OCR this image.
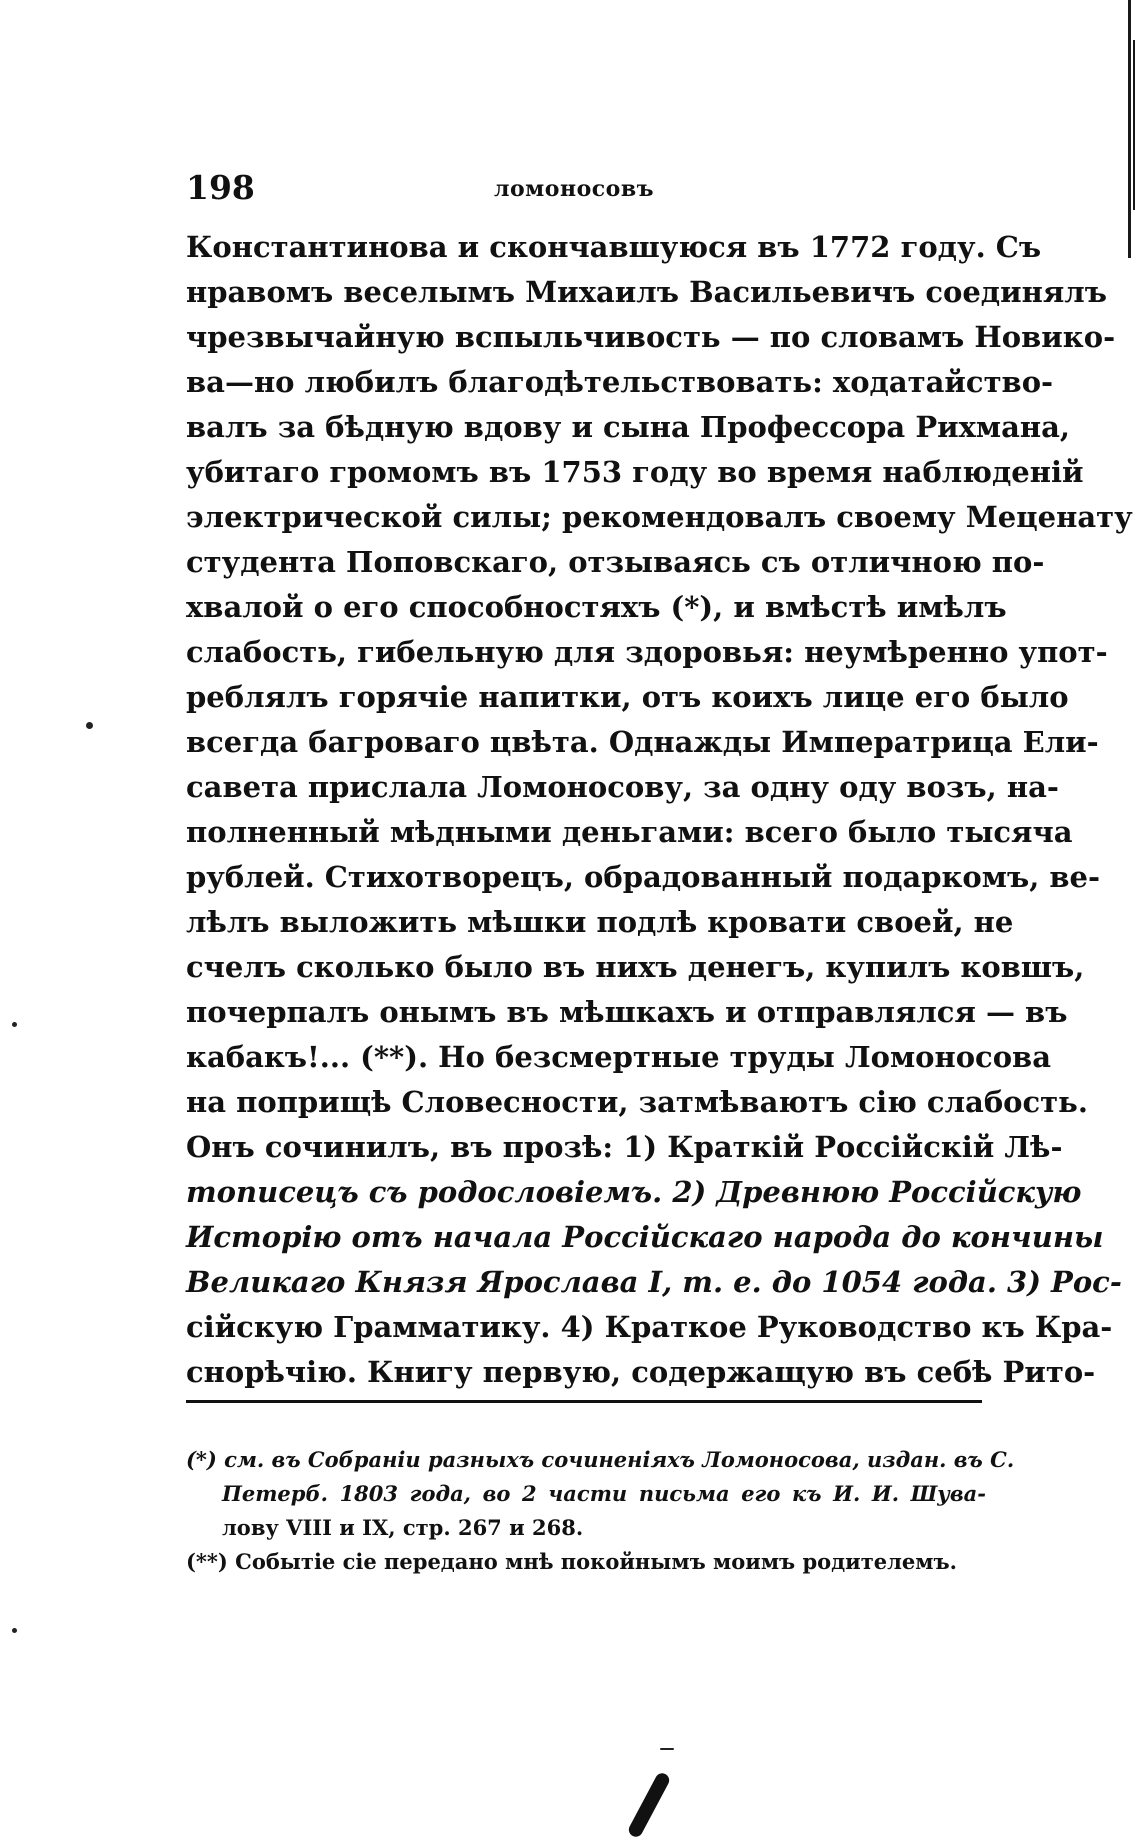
198	ломоносовъ
Константинова и скончавшуюся въ 1772 году. Съ
нравомъ веселымъ Михаилъ Васильевичъ соединялъ
чрезвычайную вспыльчивость — по словамъ Новико-
ва—но любилъ благодѣтельствовать: ходатайство-
валъ за бѣдную вдову и сына Профессора Рихмана,
убитаго громомъ въ 1753 году во время наблюденій
электрической силы; рекомендовалъ своему Меценату
студента Поповскаго, отзываясь съ отличною по-
хвалой о его способностяхъ (*), и вмѣстѣ имѣлъ
слабость, гибельную для здоровья: неумѣренно упот-
реблялъ горячіе напитки, отъ коихъ лице его было
всегда багроваго цвѣта. Однажды Императрица Ели-
савета прислала Ломоносову, за одну оду возъ, на-
полненный мѣдными деньгами: всего было тысяча
рублей. Стихотворецъ, обрадованный подаркомъ, ве-
лѣлъ выложить мѣшки подлѣ кровати своей, не
счелъ сколько было въ нихъ денегъ, купилъ ковшъ,
почерпалъ онымъ въ мѣшкахъ и отправлялся — въ
кабакъ!... (**). Но безсмертные труды Ломоносова
на поприщѣ Словесности, затмѣваютъ сію слабость.
Онъ сочинилъ, въ прозѣ: 1) Краткій Россійскій Лѣ-
тописецъ съ родословіемъ. 2) Древнюю Россійскую
Исторію отъ начала Россійскаго народа до кончины
Великаго Князя Ярослава I, т. е. до 1054 года. 3) Рос-
сійскую Грамматику. 4) Краткое Руководство къ Кра-
снорѣчію. Книгу первую, содержащую въ себѣ Рито-
(*) см. въ Собраніи разныхъ сочиненіяхъ Ломоносова, издан. въ С.
Петерб. 1803 года, во 2 части письма его къ И. И. Шува-
лову VIII и IX, стр. 267 и 268.
(**) Событіе сіе передано мнѣ покойнымъ моимъ родителемъ.
